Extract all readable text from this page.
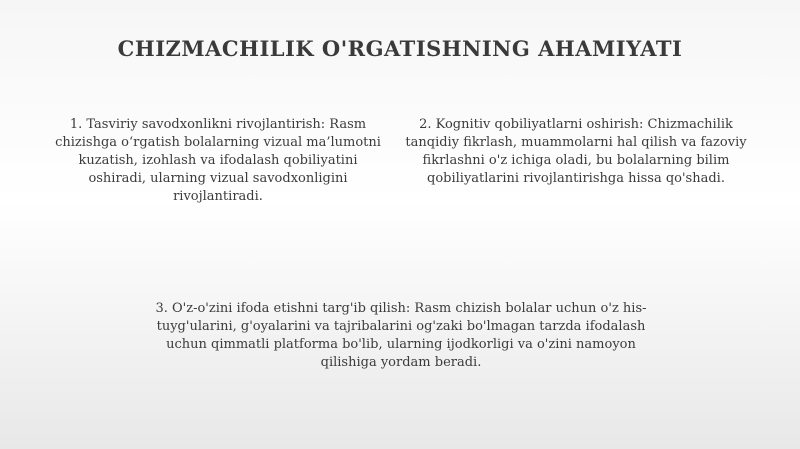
CHIZMACHILIK O'RGATISHNING AHAMIYATI

1. Tasviriy savodxonlikni rivojlantirish: Rasm chizishga o‘rgatish bolalarning vizual ma’lumotni kuzatish, izohlash va ifodalash qobiliyatini oshiradi, ularning vizual savodxonligini rivojlantiradi.

2. Kognitiv qobiliyatlarni oshirish: Chizmachilik tanqidiy fikrlash, muammolarni hal qilish va fazoviy fikrlashni o'z ichiga oladi, bu bolalarning bilim qobiliyatlarini rivojlantirishga hissa qo'shadi.

3. O'z-o'zini ifoda etishni targ'ib qilish: Rasm chizish bolalar uchun o'z his-tuyg'ularini, g'oyalarini va tajribalarini og'zaki bo'lmagan tarzda ifodalash uchun qimmatli platforma bo'lib, ularning ijodkorligi va o'zini namoyon qilishiga yordam beradi.
